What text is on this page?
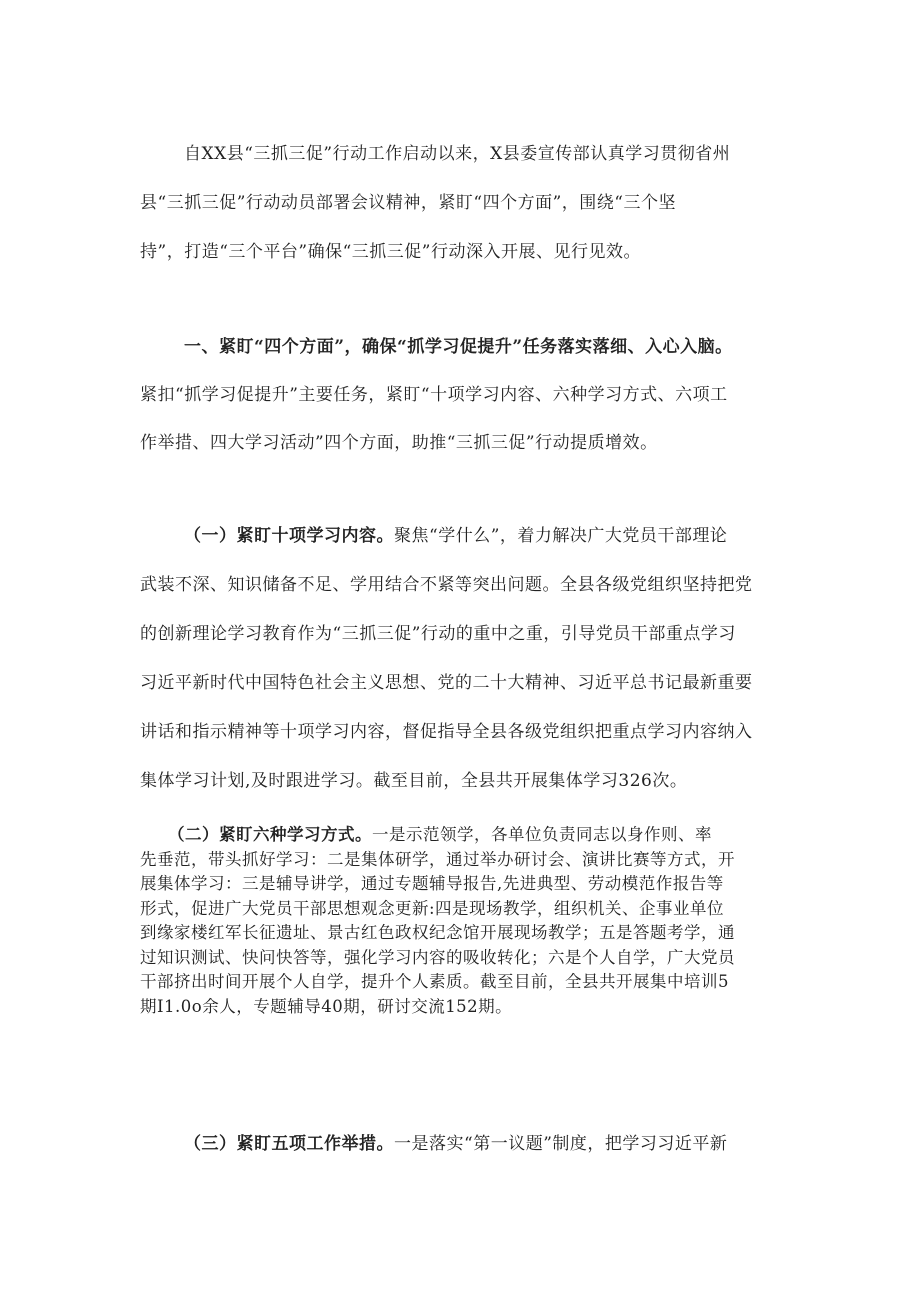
自XX县“三抓三促”行动工作启动以来，X县委宣传部认真学习贯彻省州
县“三抓三促”行动动员部署会议精神，紧盯“四个方面”，围绕“三个坚
持”，打造“三个平台”确保“三抓三促”行动深入开展、见行见效。
一、紧盯“四个方面”，确保“抓学习促提升”任务落实落细、入心入脑。
紧扣“抓学习促提升”主要任务，紧盯“十项学习内容、六种学习方式、六项工
作举措、四大学习活动”四个方面，助推“三抓三促”行动提质增效。
（一）紧盯十项学习内容。聚焦“学什么”，着力解决广大党员干部理论
武装不深、知识储备不足、学用结合不紧等突出问题。全县各级党组织坚持把党
的创新理论学习教育作为“三抓三促”行动的重中之重，引导党员干部重点学习
习近平新时代中国特色社会主义思想、党的二十大精神、习近平总书记最新重要
讲话和指示精神等十项学习内容，督促指导全县各级党组织把重点学习内容纳入
集体学习计划,及时跟进学习。截至目前，全县共开展集体学习326次。
（二）紧盯六种学习方式。一是示范领学，各单位负责同志以身作则、率
先垂范，带头抓好学习：二是集体研学，通过举办研讨会、演讲比赛等方式，开
展集体学习：三是辅导讲学，通过专题辅导报告,先进典型、劳动模范作报告等
形式，促进广大党员干部思想观念更新:四是现场教学，组织机关、企事业单位
到缘家楼红军长征遗址、景古红色政权纪念馆开展现场教学；五是答题考学，通
过知识测试、快问快答等，强化学习内容的吸收转化；六是个人自学，广大党员
干部挤出时间开展个人自学，提升个人素质。截至目前，全县共开展集中培训5
期I1.0o余人，专题辅导40期，研讨交流152期。
（三）紧盯五项工作举措。一是落实“第一议题”制度，把学习习近平新
